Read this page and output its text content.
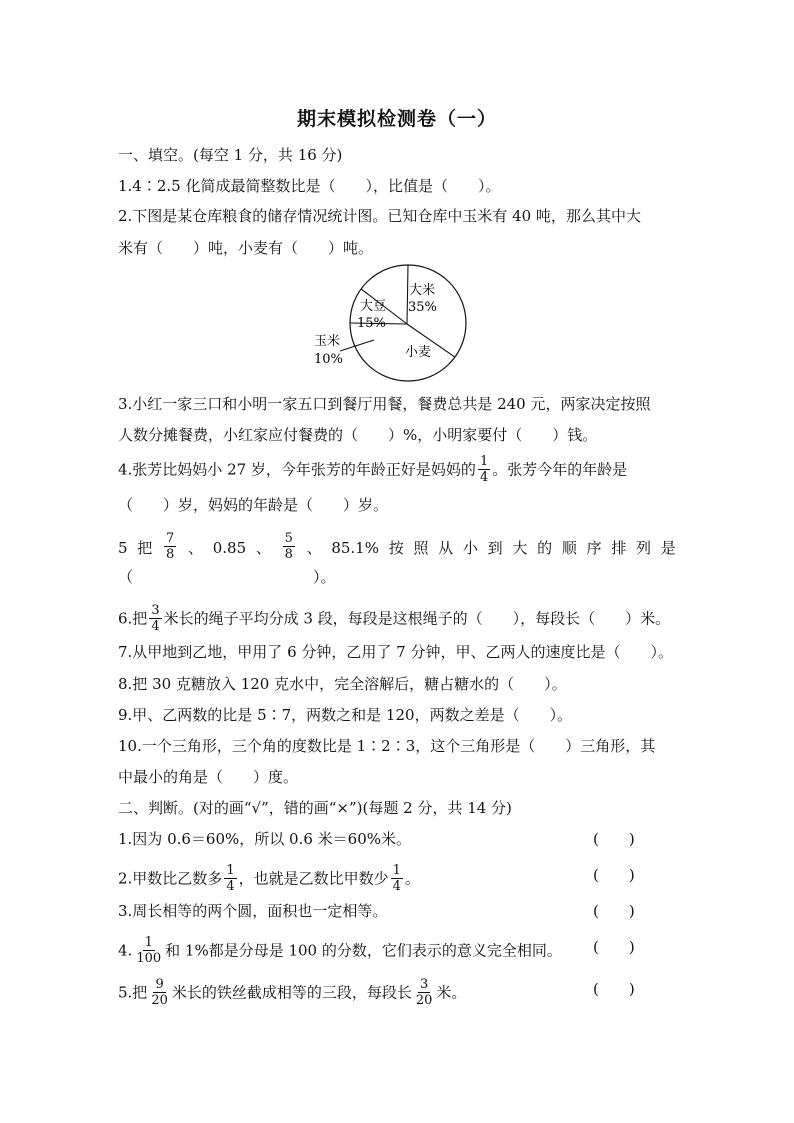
期末模拟检测卷（一）
一、填空。(每空 1 分，共 16 分)
1.4∶2.5 化简成最简整数比是（　　），比值是（　　）。
2.下图是某仓库粮食的储存情况统计图。已知仓库中玉米有 40 吨，那么其中大
米有（　　）吨，小麦有（　　）吨。
大米
35%
小麦
大豆
15%
玉米
10%
3.小红一家三口和小明一家五口到餐厅用餐，餐费总共是 240 元，两家决定按照
人数分摊餐费，小红家应付餐费的（　　）%，小明家要付（　　）钱。
4.张芳比妈妈小 27 岁，今年张芳的年龄正好是妈妈的 $\frac{1}{4}$ 。张芳今年的年龄是
（　　）岁，妈妈的年龄是（　　）岁。
5 把 $\frac{7}{8}$ 、 0.85 、 $\frac{5}{8}$ 、 85.1% 按 照 从 小 到 大 的 顺 序 排 列 是
（　　　　　　　　　　　　）。
6.把 $\frac{3}{4}$ 米长的绳子平均分成 3 段，每段是这根绳子的（　　），每段长（　　）米。
7.从甲地到乙地，甲用了 6 分钟，乙用了 7 分钟，甲、乙两人的速度比是（　　）。
8.把 30 克糖放入 120 克水中，完全溶解后，糖占糖水的（　　）。
9.甲、乙两数的比是 5∶7，两数之和是 120，两数之差是（　　）。
10.一个三角形，三个角的度数比是 1∶2∶3，这个三角形是（　　）三角形，其
中最小的角是（　　）度。
二、判断。(对的画“√”，错的画“×”)(每题 2 分，共 14 分)
1.因为 0.6＝60%，所以 0.6 米＝60%米。	(　　)
2.甲数比乙数多 $\frac{1}{4}$ ，也就是乙数比甲数少 $\frac{1}{4}$ 。	(　　)
3.周长相等的两个圆，面积也一定相等。	(　　)
4. $\frac{1}{100}$ 和 1%都是分母是 100 的分数，它们表示的意义完全相同。 (　　)
5.把 $\frac{9}{20}$ 米长的铁丝截成相等的三段，每段长 $\frac{3}{20}$ 米。	(　　)
